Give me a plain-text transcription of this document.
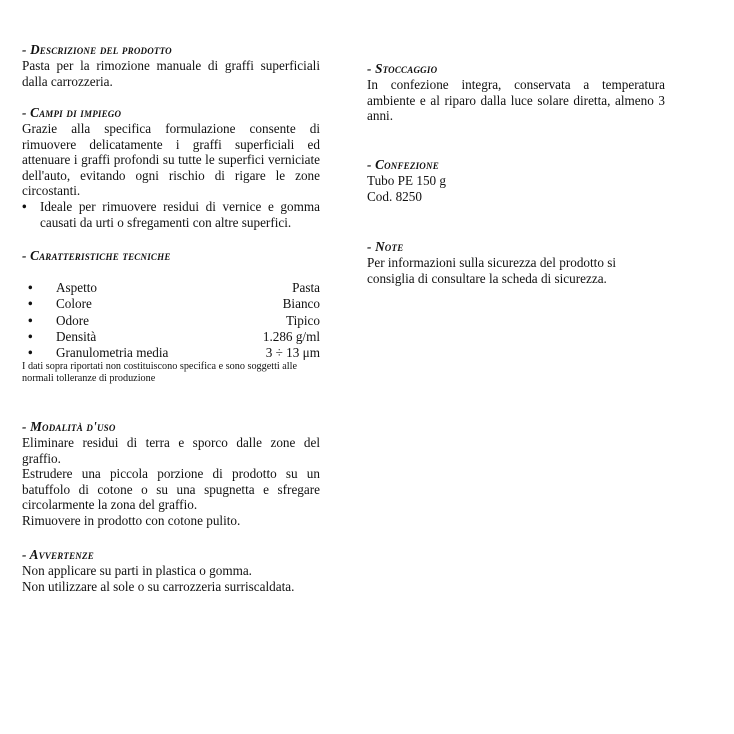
- Descrizione del prodotto
Pasta per la rimozione manuale di graffi superficiali dalla carrozzeria.
- Campi di impiego
Grazie alla specifica formulazione consente di rimuovere delicatamente i graffi superficiali ed attenuare i graffi profondi su tutte le superfici verniciate dell'auto, evitando ogni rischio di rigare le zone circostanti.
•	Ideale per rimuovere residui di vernice e gomma causati da urti o sfregamenti con altre superfici.
- Caratteristiche tecniche
•	Aspetto	Pasta
•	Colore	Bianco
•	Odore	Tipico
•	Densità	1.286 g/ml
•	Granulometria media	3 ÷ 13 μm
I dati sopra riportati non costituiscono specifica e sono soggetti alle normali tolleranze di produzione
- Modalità d'uso
Eliminare residui di terra e sporco dalle zone del graffio.
Estrudere una piccola porzione di prodotto su un batuffolo di cotone o su una spugnetta e sfregare circolarmente la zona del graffio.
Rimuovere in prodotto con cotone pulito.
- Avvertenze
Non applicare su parti in plastica o gomma.
Non utilizzare al sole o su carrozzeria surriscaldata.
- Stoccaggio
In confezione integra, conservata a temperatura ambiente e al riparo dalla luce solare diretta, almeno 3 anni.
- Confezione
Tubo PE 150 g
Cod. 8250
- Note
Per informazioni sulla sicurezza del prodotto si consiglia di consultare la scheda di sicurezza.
